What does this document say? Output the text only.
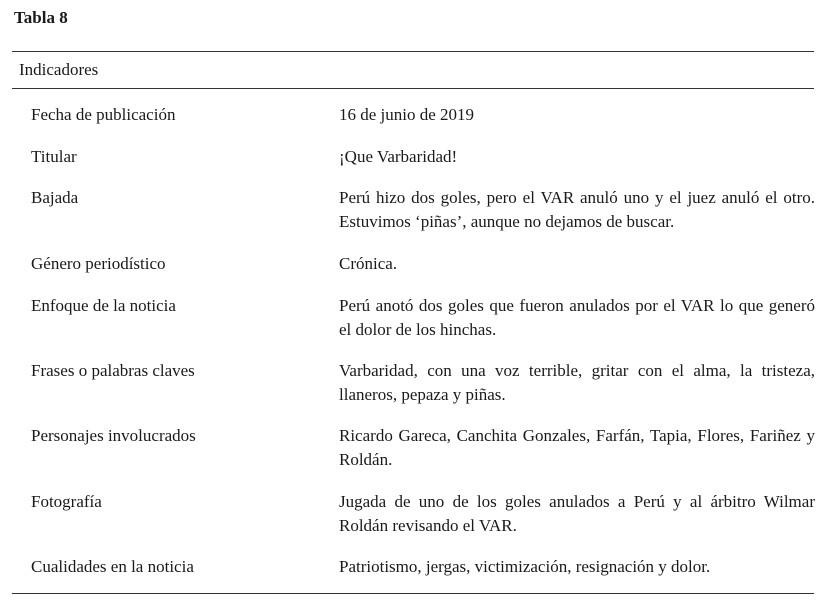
Tabla 8
Indicadores
Fecha de publicación	16 de junio de 2019
Titular	¡Que Varbaridad!
Bajada	Perú hizo dos goles, pero el VAR anuló uno y el juez anuló el otro. Estuvimos ‘piñas’, aunque no dejamos de buscar.
Género periodístico	Crónica.
Enfoque de la noticia	Perú anotó dos goles que fueron anulados por el VAR lo que generó el dolor de los hinchas.
Frases o palabras claves	Varbaridad, con una voz terrible, gritar con el alma, la tristeza, llaneros, pepaza y piñas.
Personajes involucrados	Ricardo Gareca, Canchita Gonzales, Farfán, Tapia, Flores, Fariñez y Roldán.
Fotografía	Jugada de uno de los goles anulados a Perú y al árbitro Wilmar Roldán revisando el VAR.
Cualidades en la noticia	Patriotismo, jergas, victimización, resignación y dolor.
